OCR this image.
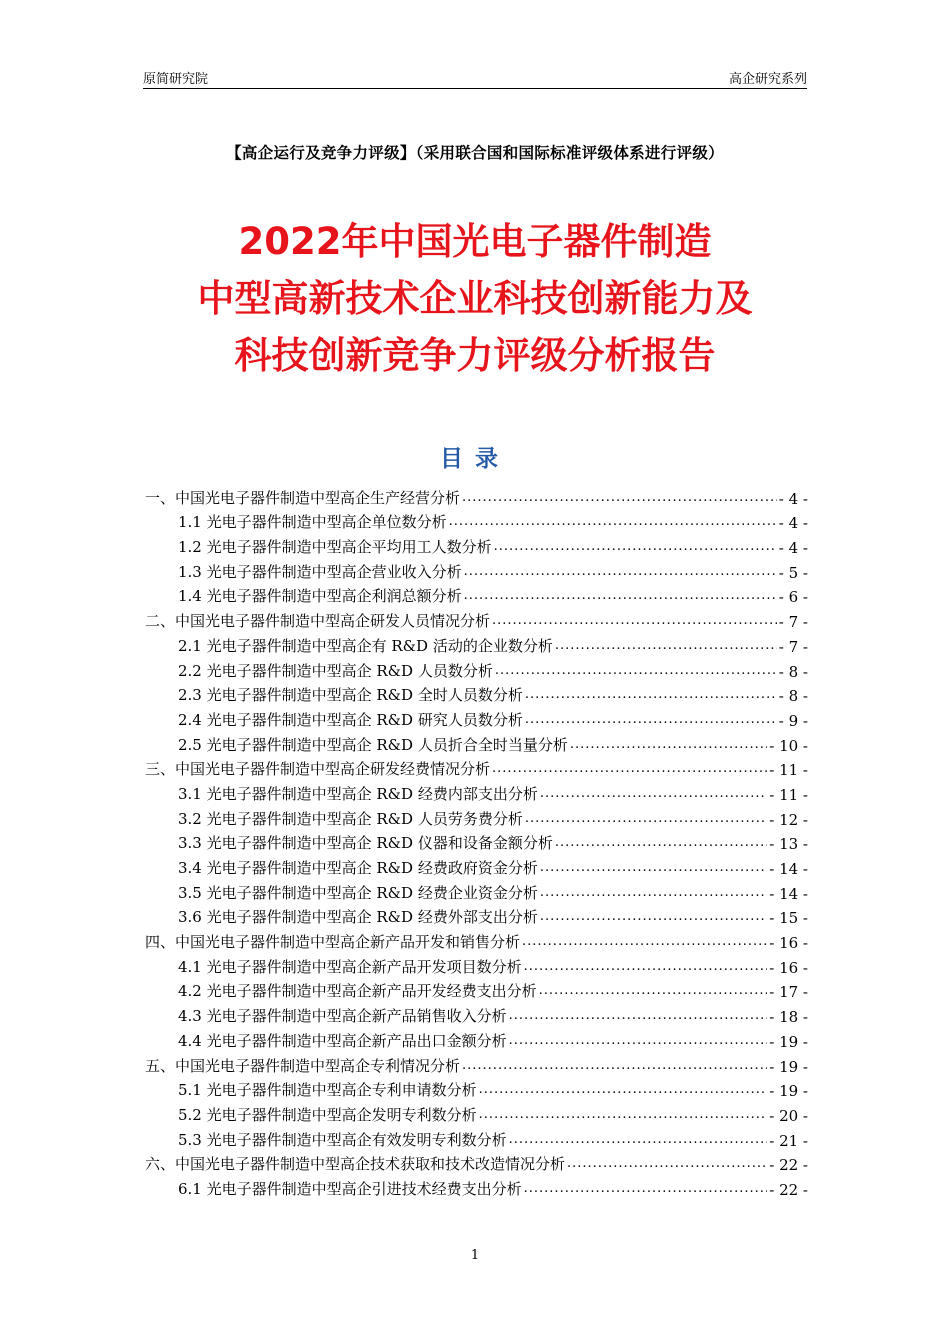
原简研究院	高企研究系列
【高企运行及竞争力评级】（采用联合国和国际标准评级体系进行评级）
2022年中国光电子器件制造
中型高新技术企业科技创新能力及
科技创新竞争力评级分析报告
目录
一、中国光电子器件制造中型高企生产经营分析 .....	- 4 -
1.1 光电子器件制造中型高企单位数分析 .....	- 4 -
1.2 光电子器件制造中型高企平均用工人数分析 .....	- 4 -
1.3 光电子器件制造中型高企营业收入分析 .....	- 5 -
1.4 光电子器件制造中型高企利润总额分析 .....	- 6 -
二、中国光电子器件制造中型高企研发人员情况分析 .....	- 7 -
2.1 光电子器件制造中型高企有 R&D 活动的企业数分析 .....	- 7 -
2.2 光电子器件制造中型高企 R&D 人员数分析 .....	- 8 -
2.3 光电子器件制造中型高企 R&D 全时人员数分析 .....	- 8 -
2.4 光电子器件制造中型高企 R&D 研究人员数分析 .....	- 9 -
2.5 光电子器件制造中型高企 R&D 人员折合全时当量分析 .....	- 10 -
三、中国光电子器件制造中型高企研发经费情况分析 .....	- 11 -
3.1 光电子器件制造中型高企 R&D 经费内部支出分析 .....	- 11 -
3.2 光电子器件制造中型高企 R&D 人员劳务费分析 .....	- 12 -
3.3 光电子器件制造中型高企 R&D 仪器和设备金额分析 .....	- 13 -
3.4 光电子器件制造中型高企 R&D 经费政府资金分析 .....	- 14 -
3.5 光电子器件制造中型高企 R&D 经费企业资金分析 .....	- 14 -
3.6 光电子器件制造中型高企 R&D 经费外部支出分析 .....	- 15 -
四、中国光电子器件制造中型高企新产品开发和销售分析 .....	- 16 -
4.1 光电子器件制造中型高企新产品开发项目数分析 .....	- 16 -
4.2 光电子器件制造中型高企新产品开发经费支出分析 .....	- 17 -
4.3 光电子器件制造中型高企新产品销售收入分析 .....	- 18 -
4.4 光电子器件制造中型高企新产品出口金额分析 .....	- 19 -
五、中国光电子器件制造中型高企专利情况分析 .....	- 19 -
5.1 光电子器件制造中型高企专利申请数分析 .....	- 19 -
5.2 光电子器件制造中型高企发明专利数分析 .....	- 20 -
5.3 光电子器件制造中型高企有效发明专利数分析 .....	- 21 -
六、中国光电子器件制造中型高企技术获取和技术改造情况分析 .....	- 22 -
6.1 光电子器件制造中型高企引进技术经费支出分析 .....	- 22 -
1
